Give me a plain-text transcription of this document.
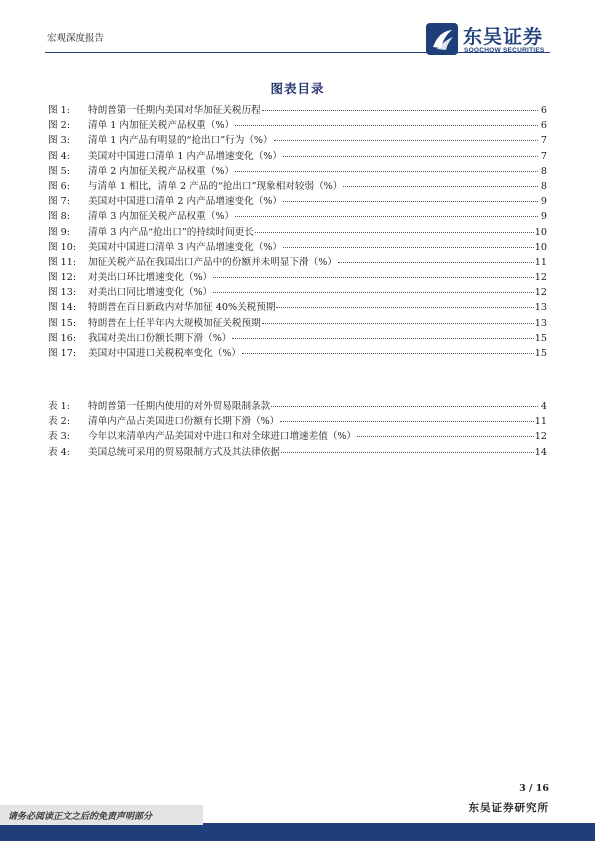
宏观深度报告	东吴证券
SOOCHOW SECURITIES
图表目录
图 1:	特朗普第一任期内美国对华加征关税历程	6
图 2:	清单 1 内加征关税产品权重（%）	6
图 3:	清单 1 内产品有明显的“抢出口”行为（%）	7
图 4:	美国对中国进口清单 1 内产品增速变化（%）	7
图 5:	清单 2 内加征关税产品权重（%）	8
图 6:	与清单 1 相比，清单 2 产品的“抢出口”现象相对较弱（%）	8
图 7:	美国对中国进口清单 2 内产品增速变化（%）	9
图 8:	清单 3 内加征关税产品权重（%）	9
图 9:	清单 3 内产品“抢出口”的持续时间更长	10
图 10:	美国对中国进口清单 3 内产品增速变化（%）	10
图 11:	加征关税产品在我国出口产品中的份额并未明显下滑（%）	11
图 12:	对美出口环比增速变化（%）	12
图 13:	对美出口同比增速变化（%）	12
图 14:	特朗普在百日新政内对华加征 40%关税预期	13
图 15:	特朗普在上任半年内大规模加征关税预期	13
图 16:	我国对美出口份额长期下滑（%）	15
图 17:	美国对中国进口关税税率变化（%）	15
表 1:	特朗普第一任期内使用的对外贸易限制条款	4
表 2:	清单内产品占美国进口份额有长期下滑（%）	11
表 3:	今年以来清单内产品美国对中进口和对全球进口增速差值（%）	12
表 4:	美国总统可采用的贸易限制方式及其法律依据	14
3 / 16
请务必阅读正文之后的免责声明部分
东吴证券研究所
